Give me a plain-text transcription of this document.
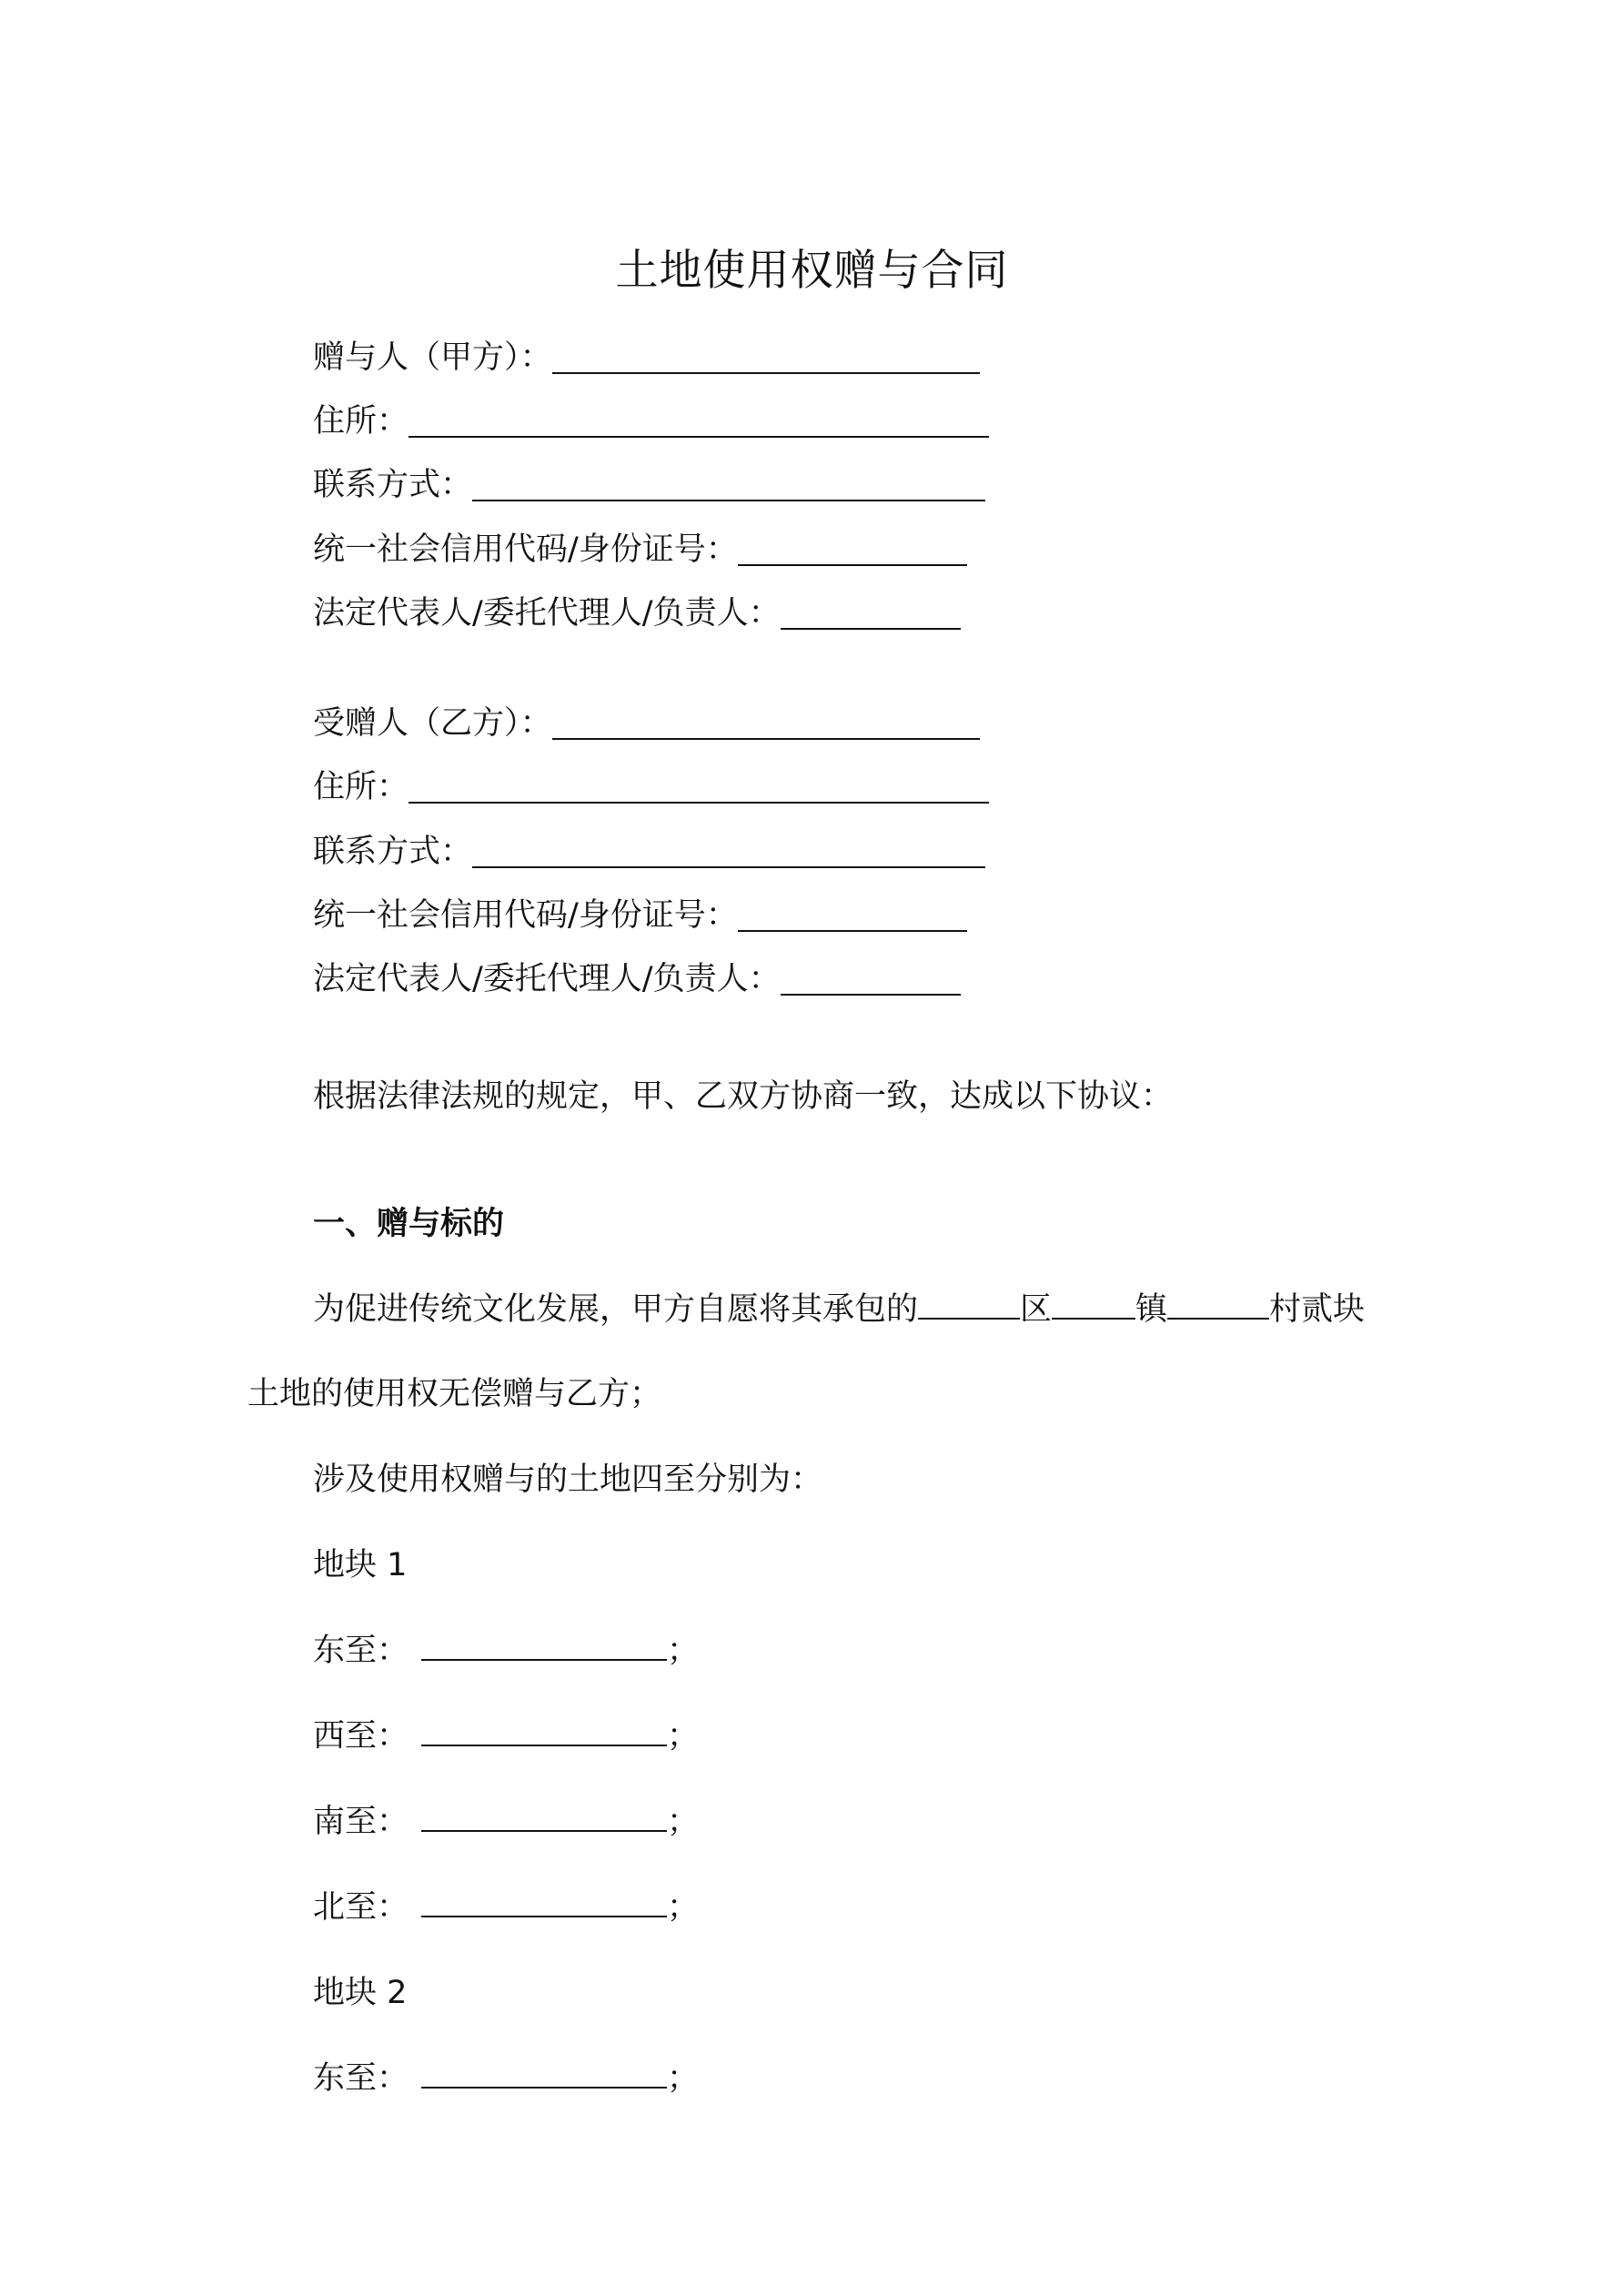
土地使用权赠与合同
赠与人（甲方）：
住所：
联系方式：
统一社会信用代码/身份证号：
法定代表人/委托代理人/负责人：
受赠人（乙方）：
住所：
联系方式：
统一社会信用代码/身份证号：
法定代表人/委托代理人/负责人：
根据法律法规的规定，甲、乙双方协商一致，达成以下协议：
一、赠与标的
为促进传统文化发展，甲方自愿将其承包的	区	镇	村贰块
土地的使用权无偿赠与乙方；
涉及使用权赠与的土地四至分别为：
地块 1
东至：	；
西至：	；
南至：	；
北至：	；
地块 2
东至：	；
